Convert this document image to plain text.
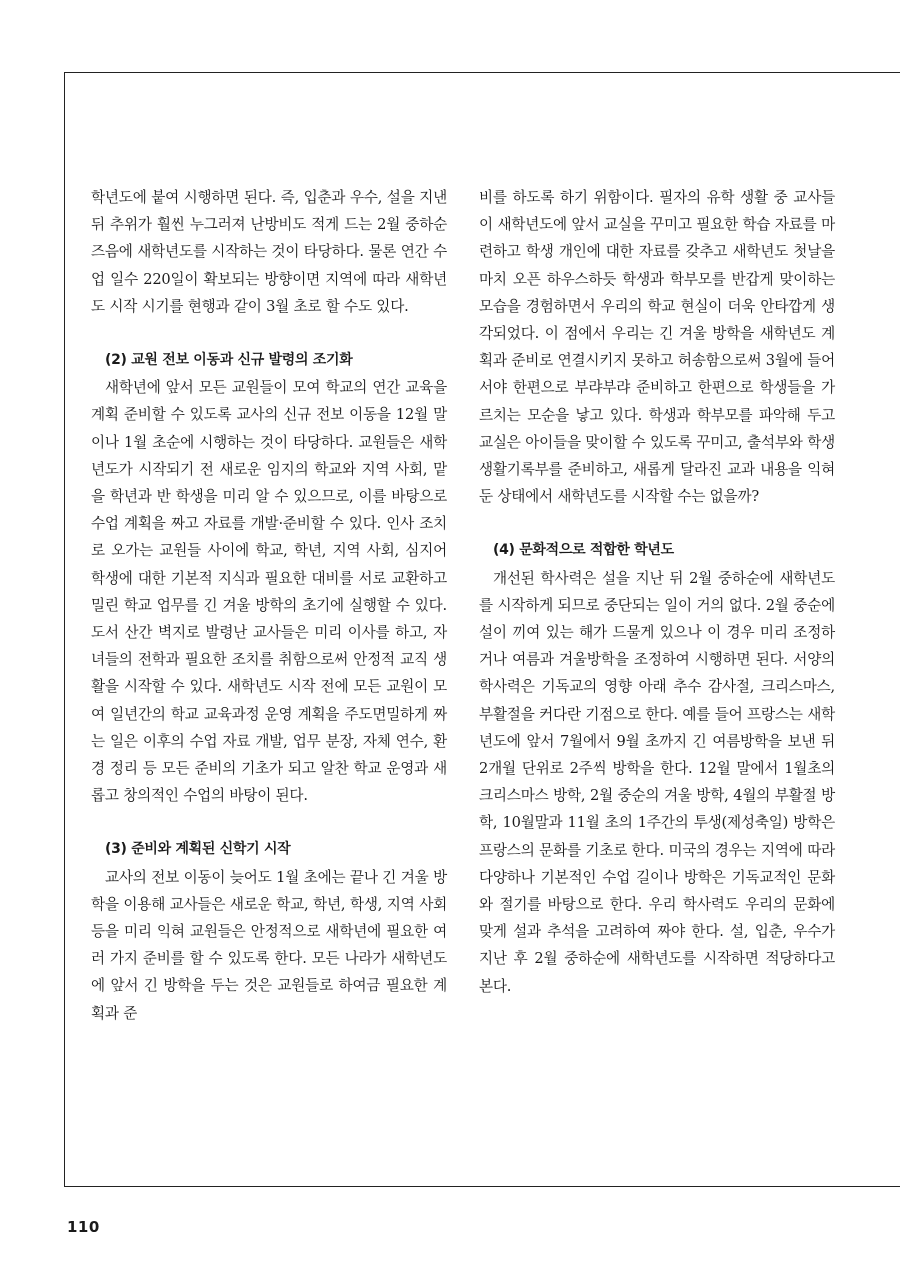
학년도에 붙여 시행하면 된다. 즉, 입춘과 우수, 설을 지낸 뒤 추위가 훨씬 누그러져 난방비도 적게 드는 2월 중하순 즈음에 새학년도를 시작하는 것이 타당하다. 물론 연간 수업 일수 220일이 확보되는 방향이면 지역에 따라 새학년도 시작 시기를 현행과 같이 3월 초로 할 수도 있다.

(2) 교원 전보 이동과 신규 발령의 조기화

새학년에 앞서 모든 교원들이 모여 학교의 연간 교육을 계획 준비할 수 있도록 교사의 신규 전보 이동을 12월 말이나 1월 초순에 시행하는 것이 타당하다. 교원들은 새학년도가 시작되기 전 새로운 임지의 학교와 지역 사회, 맡을 학년과 반 학생을 미리 알 수 있으므로, 이를 바탕으로 수업 계획을 짜고 자료를 개발·준비할 수 있다. 인사 조치로 오가는 교원들 사이에 학교, 학년, 지역 사회, 심지어 학생에 대한 기본적 지식과 필요한 대비를 서로 교환하고 밀린 학교 업무를 긴 겨울 방학의 초기에 실행할 수 있다. 도서 산간 벽지로 발령난 교사들은 미리 이사를 하고, 자녀들의 전학과 필요한 조치를 취함으로써 안정적 교직 생활을 시작할 수 있다. 새학년도 시작 전에 모든 교원이 모여 일년간의 학교 교육과정 운영 계획을 주도면밀하게 짜는 일은 이후의 수업 자료 개발, 업무 분장, 자체 연수, 환경 정리 등 모든 준비의 기초가 되고 알찬 학교 운영과 새롭고 창의적인 수업의 바탕이 된다.

(3) 준비와 계획된 신학기 시작

교사의 전보 이동이 늦어도 1월 초에는 끝나 긴 겨울 방학을 이용해 교사들은 새로운 학교, 학년, 학생, 지역 사회 등을 미리 익혀 교원들은 안정적으로 새학년에 필요한 여러 가지 준비를 할 수 있도록 한다. 모든 나라가 새학년도에 앞서 긴 방학을 두는 것은 교원들로 하여금 필요한 계획과 준

비를 하도록 하기 위함이다. 필자의 유학 생활 중 교사들이 새학년도에 앞서 교실을 꾸미고 필요한 학습 자료를 마련하고 학생 개인에 대한 자료를 갖추고 새학년도 첫날을 마치 오픈 하우스하듯 학생과 학부모를 반갑게 맞이하는 모습을 경험하면서 우리의 학교 현실이 더욱 안타깝게 생각되었다. 이 점에서 우리는 긴 겨울 방학을 새학년도 계획과 준비로 연결시키지 못하고 허송함으로써 3월에 들어서야 한편으로 부랴부랴 준비하고 한편으로 학생들을 가르치는 모순을 낳고 있다. 학생과 학부모를 파악해 두고 교실은 아이들을 맞이할 수 있도록 꾸미고, 출석부와 학생생활기록부를 준비하고, 새롭게 달라진 교과 내용을 익혀 둔 상태에서 새학년도를 시작할 수는 없을까?

(4) 문화적으로 적합한 학년도

개선된 학사력은 설을 지난 뒤 2월 중하순에 새학년도를 시작하게 되므로 중단되는 일이 거의 없다. 2월 중순에 설이 끼여 있는 해가 드물게 있으나 이 경우 미리 조정하거나 여름과 겨울방학을 조정하여 시행하면 된다. 서양의 학사력은 기독교의 영향 아래 추수 감사절, 크리스마스, 부활절을 커다란 기점으로 한다. 예를 들어 프랑스는 새학년도에 앞서 7월에서 9월 초까지 긴 여름방학을 보낸 뒤 2개월 단위로 2주씩 방학을 한다. 12월 말에서 1월초의 크리스마스 방학, 2월 중순의 겨울 방학, 4월의 부활절 방학, 10월말과 11월 초의 1주간의 투생(제성축일) 방학은 프랑스의 문화를 기초로 한다. 미국의 경우는 지역에 따라 다양하나 기본적인 수업 길이나 방학은 기독교적인 문화와 절기를 바탕으로 한다. 우리 학사력도 우리의 문화에 맞게 설과 추석을 고려하여 짜야 한다. 설, 입춘, 우수가 지난 후 2월 중하순에 새학년도를 시작하면 적당하다고 본다.

110
